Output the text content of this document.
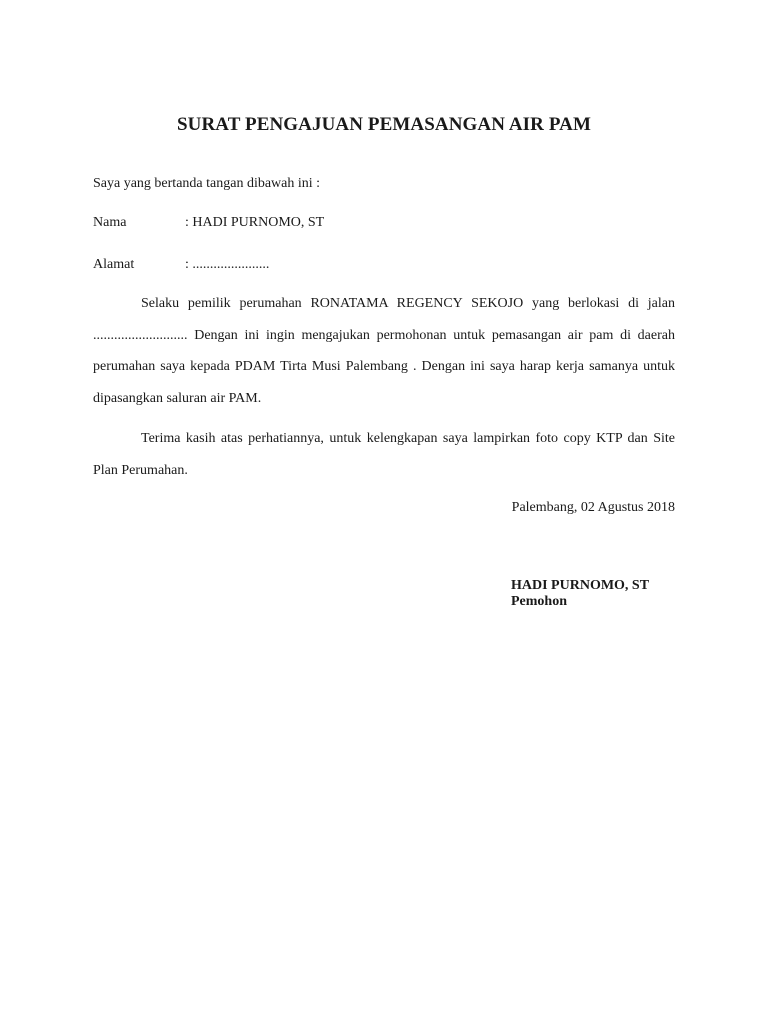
SURAT PENGAJUAN PEMASANGAN AIR PAM

Saya yang bertanda tangan dibawah ini :

Nama	: HADI PURNOMO, ST
Alamat	: ......................

Selaku pemilik perumahan RONATAMA REGENCY SEKOJO yang berlokasi di jalan ........................... Dengan ini ingin mengajukan permohonan untuk pemasangan air pam di daerah perumahan saya kepada PDAM Tirta Musi Palembang . Dengan ini saya harap kerja samanya untuk dipasangkan saluran air PAM.

Terima kasih atas perhatiannya, untuk kelengkapan saya lampirkan foto copy KTP dan Site Plan Perumahan.

Palembang, 02 Agustus 2018
HADI PURNOMO, ST
Pemohon
